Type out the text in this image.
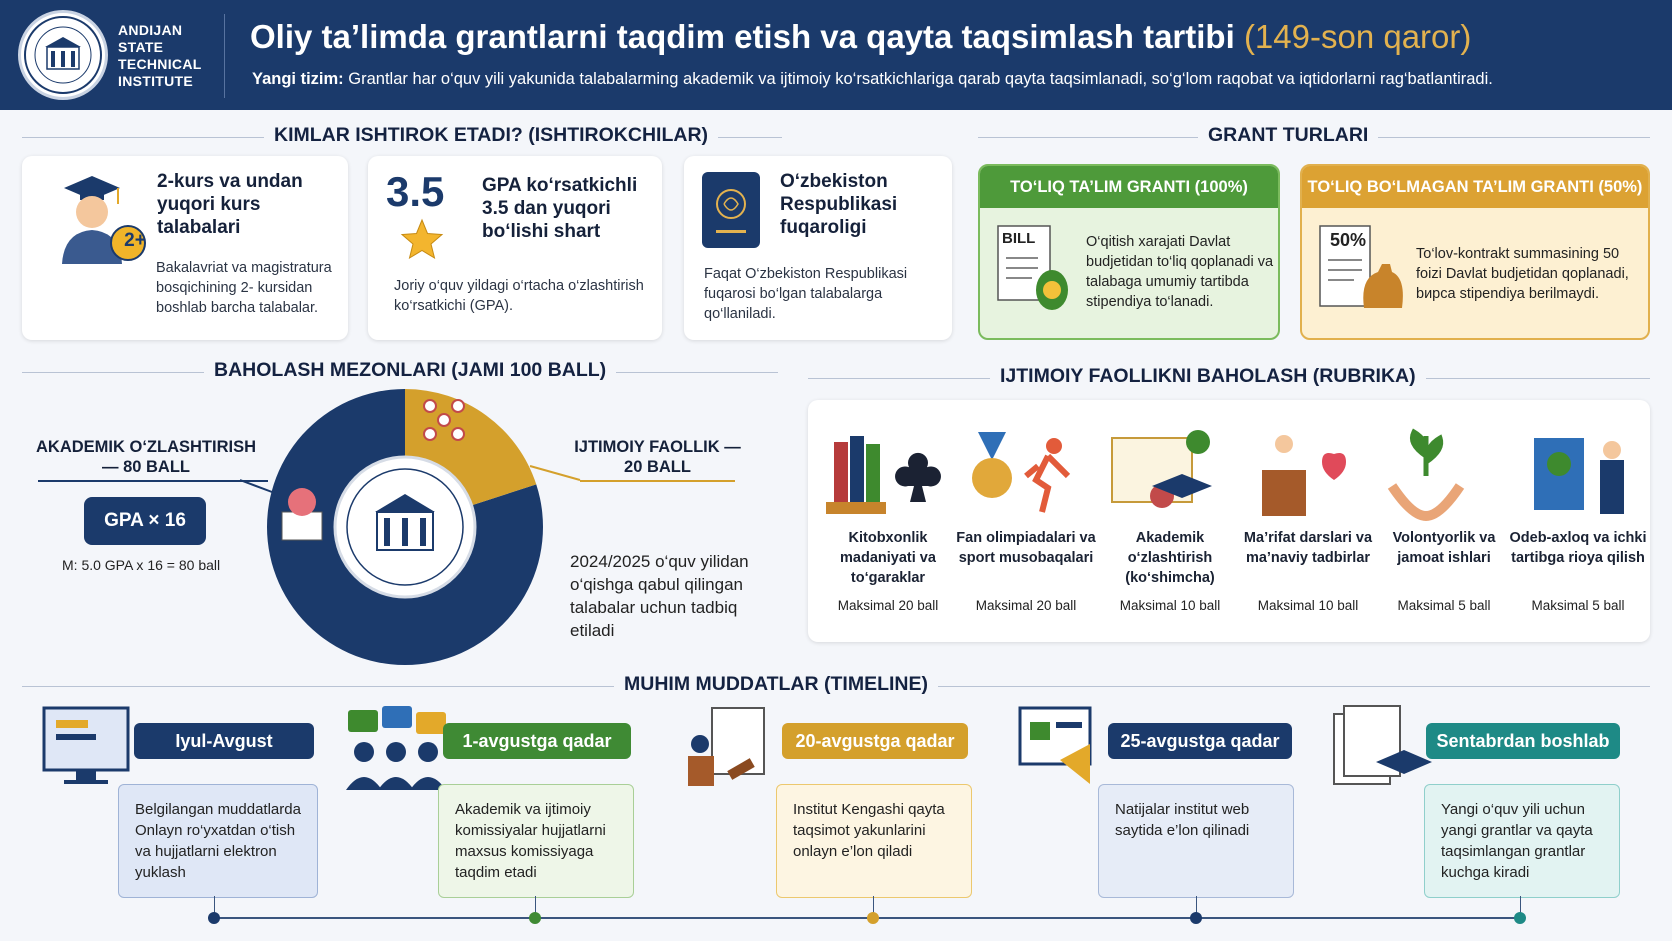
ANDIJAN
STATE
TECHNICAL
INSTITUTE
Oliy ta’limda grantlarni taqdim etish va qayta taqsimlash tartibi (149-son qaror)
Yangi tizim: Grantlar har o‘quv yili yakunida talabalarming akademik va ijtimoiy ko‘rsatkichlariga qarab qayta taqsimlanadi, so‘g‘lom raqobat va iqtidorlarni rag‘batlantiradi.
KIMLAR ISHTIROK ETADI? (ISHTIROKCHILAR)
2+
2-kurs va undan yuqori kurs talabalari
Bakalavriat va magistratura bosqichining 2- kursidan boshlab barcha talabalar.
GPA ko‘rsatkichli 3.5 dan yuqori bo‘lishi shart
Joriy o‘quv yildagi o‘rtacha o‘zlashtirish ko‘rsatkichi (GPA).
3.5	O‘zbekiston Respublikasi fuqaroligi
Faqat O‘zbekiston Respublikasi fuqarosi bo‘lgan talabalarga qo‘llaniladi.
GRANT TURLARI
TO‘LIQ TA’LIM GRANTI (100%)
BILL	O‘qitish xarajati Davlat budjetidan to‘liq qoplanadi va talabaga umumiy tartibda stipendiya to‘lanadi.
TO‘LIQ BO‘LMAGAN TA’LIM GRANTI (50%)
50%
To‘lov-kontrakt summasining 50 foizi Davlat budjetidan qoplanadi, bирca stipendiya berilmaydi.
BAHOLASH MEZONLARI (JAMI 100 BALL)
AKADEMIK O‘ZLASHTIRISH — 80 BALL
IJTIMOIY FAOLLIK — 20 BALL
GPA × 16
M: 5.0 GPA x 16 = 80 ball	2024/2025 o‘quv yilidan o‘qishga qabul qilingan talabalar uchun tadbiq etiladi
IJTIMOIY FAOLLIKNI BAHOLASH (RUBRIKA)
Kitobxonlik madaniyati va to‘garaklar
Maksimal 20 ball
Fan olimpiadalari va sport musobaqalari
Maksimal 20 ball
Akademik o‘zlashtirish (ko‘shimcha)
Maksimal 10 ball
Ma’rifat darslari va ma’naviy tadbirlar
Maksimal 10 ball
Volontyorlik va jamoat ishlari
Maksimal 5 ball
Odeb-axloq va ichki tartibga rioya qilish
Maksimal 5 ball
MUHIM MUDDATLAR (TIMELINE)
Iyul-Avgust	1-avgustga qadar	20-avgustga qadar	25-avgustga qadar	Sentabrdan boshlab
Belgilangan muddatlarda Onlayn ro‘yxatdan o‘tish va hujjatlarni elektron yuklash
Akademik va ijtimoiy komissiyalar hujjatlarni maxsus komissiyaga taqdim etadi
Institut Kengashi qayta taqsimot yakunlarini onlayn e’lon qiladi
Natijalar institut web saytida e’lon qilinadi
Yangi o‘quv yili uchun yangi grantlar va qayta taqsimlangan grantlar kuchga kiradi
